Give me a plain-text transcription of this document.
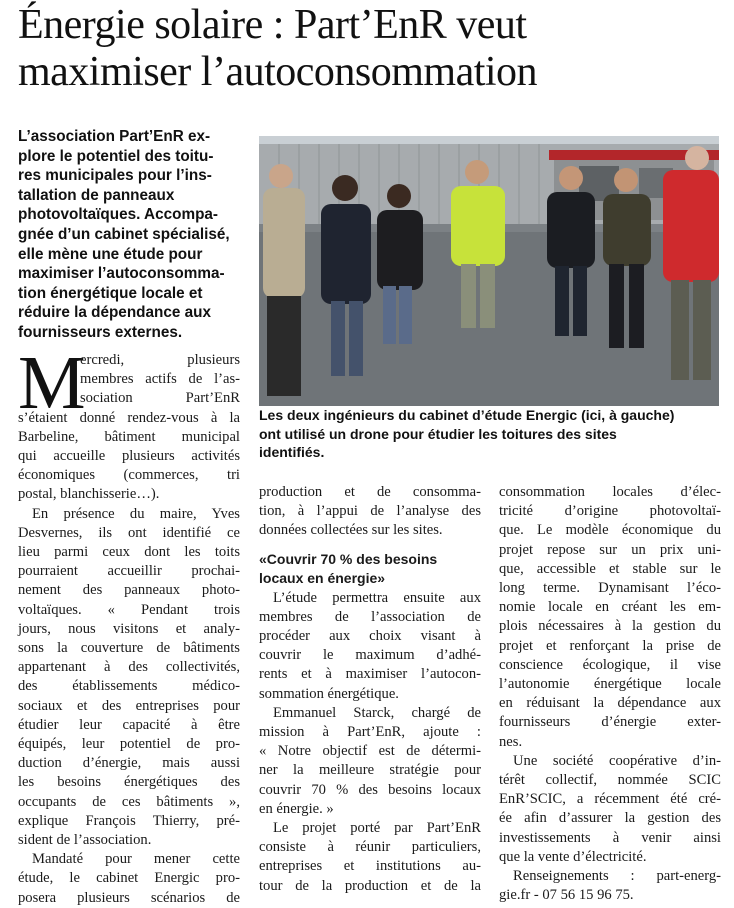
Énergie solaire : Part’EnR veut
maximiser l’autoconsommation
L’association Part’EnR ex-
plore le potentiel des toitu-
res municipales pour l’ins-
tallation de panneaux
photovoltaïques. Accompa-
gnée d’un cabinet spécialisé,
elle mène une étude pour
maximiser l’autoconsomma-
tion énergétique locale et
réduire la dépendance aux
fournisseurs externes.
Les deux ingénieurs du cabinet d’étude Energic (ici, à gauche)
ont utilisé un drone pour étudier les toitures des sites
identifiés.
M
ercredi, plusieurs
membres actifs de l’as-
sociation Part’EnR
s’étaient donné rendez-vous à la
Barbeline, bâtiment municipal
qui accueille plusieurs activités
économiques (commerces, tri
postal, blanchisserie…).
En présence du maire, Yves
Desvernes, ils ont identifié ce
lieu parmi ceux dont les toits
pourraient accueillir prochai-
nement des panneaux photo-
voltaïques. « Pendant trois
jours, nous visitons et analy-
sons la couverture de bâtiments
appartenant à des collectivités,
des établissements médico-
sociaux et des entreprises pour
étudier leur capacité à être
équipés, leur potentiel de pro-
duction d’énergie, mais aussi
les besoins énergétiques des
occupants de ces bâtiments »,
explique François Thierry, pré-
sident de l’association.
Mandaté pour mener cette
étude, le cabinet Energic pro-
posera plusieurs scénarios de
production et de consomma-
tion, à l’appui de l’analyse des
données collectées sur les sites.
«Couvrir 70 % des besoins
locaux en énergie»
L’étude permettra ensuite aux
membres de l’association de
procéder aux choix visant à
couvrir le maximum d’adhé-
rents et à maximiser l’autocon-
sommation énergétique.
Emmanuel Starck, chargé de
mission à Part’EnR, ajoute :
« Notre objectif est de détermi-
ner la meilleure stratégie pour
couvrir 70 % des besoins locaux
en énergie. »
Le projet porté par Part’EnR
consiste à réunir particuliers,
entreprises et institutions au-
tour de la production et de la
consommation locales d’élec-
tricité d’origine photovoltaï-
que. Le modèle économique du
projet repose sur un prix uni-
que, accessible et stable sur le
long terme. Dynamisant l’éco-
nomie locale en créant les em-
plois nécessaires à la gestion du
projet et renforçant la prise de
conscience écologique, il vise
l’autonomie énergétique locale
en réduisant la dépendance aux
fournisseurs d’énergie exter-
nes.
Une société coopérative d’in-
térêt collectif, nommée SCIC
EnR’SCIC, a récemment été cré-
ée afin d’assurer la gestion des
investissements à venir ainsi
que la vente d’électricité.
Renseignements : part-energ-
gie.fr - 07 56 15 96 75.
